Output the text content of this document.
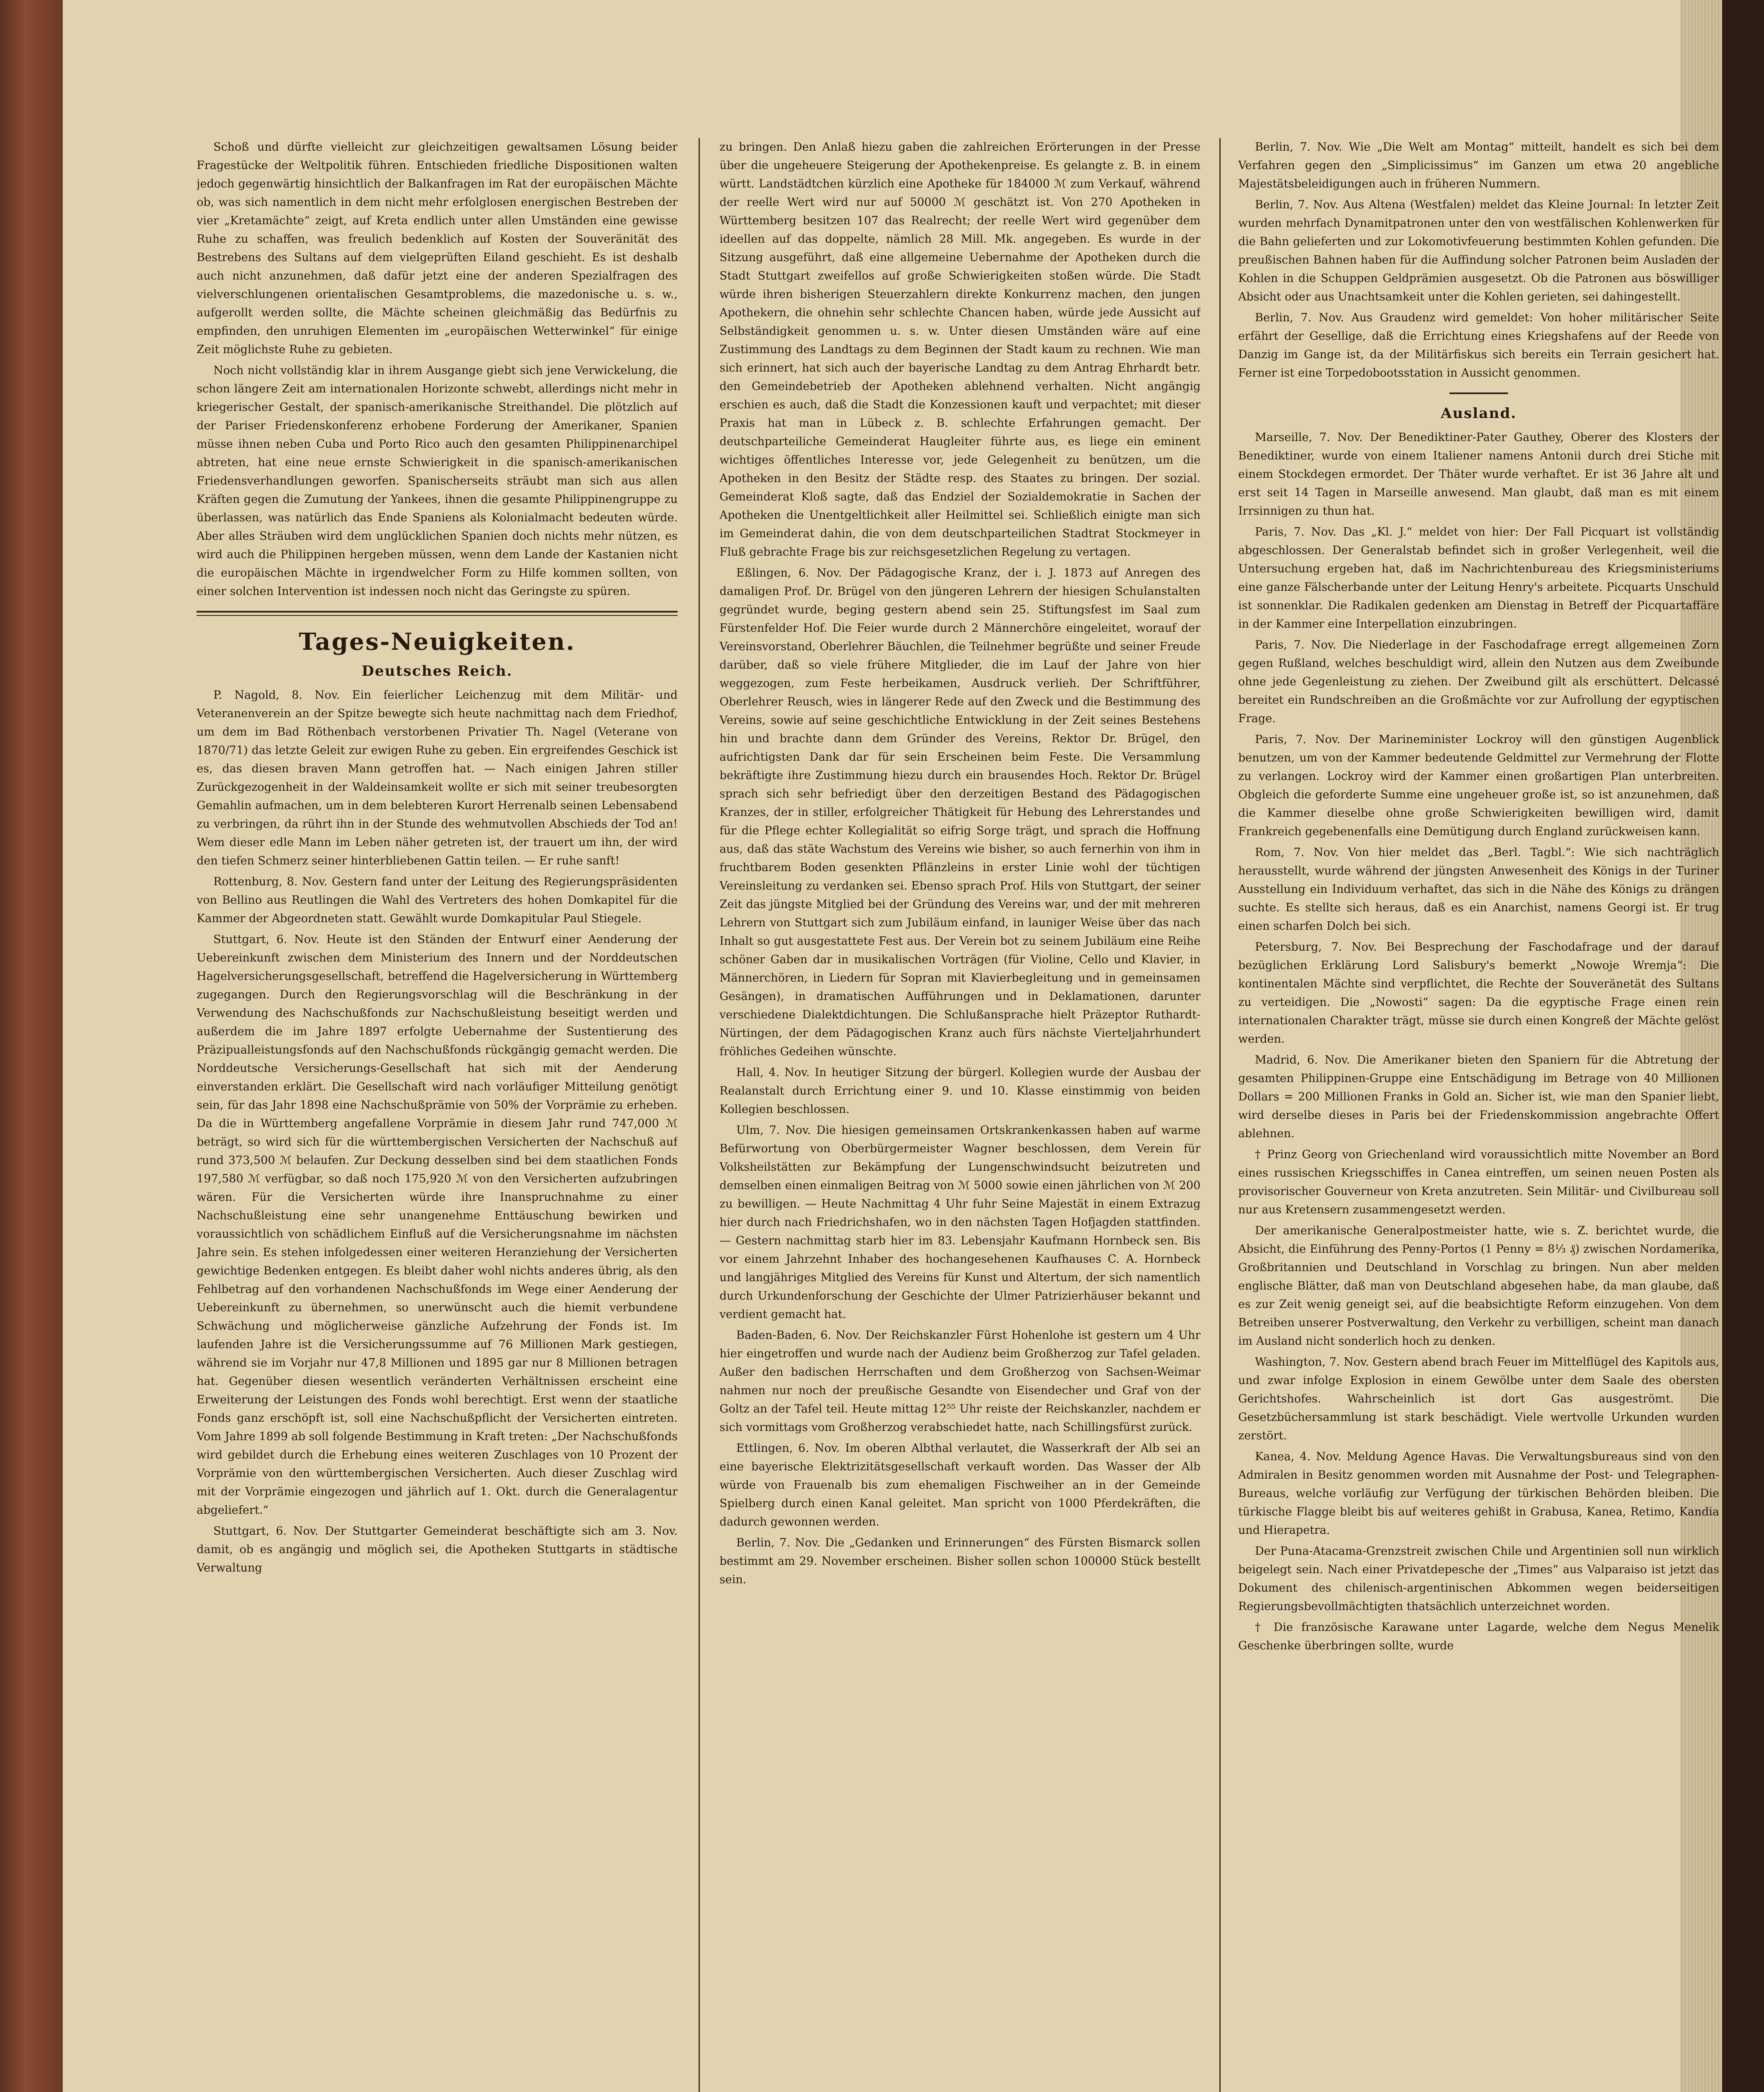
Schoß und dürfte vielleicht zur gleichzeitigen gewaltsamen Lösung beider Fragestücke der Weltpolitik führen. Entschieden friedliche Dispositionen walten jedoch gegenwärtig hinsichtlich der Balkanfragen im Rat der europäischen Mächte ob, was sich namentlich in dem nicht mehr erfolglosen energischen Bestreben der vier „Kretamächte“ zeigt, auf Kreta endlich unter allen Umständen eine gewisse Ruhe zu schaffen, was freulich bedenklich auf Kosten der Souveränität des Bestrebens des Sultans auf dem vielgeprüften Eiland geschieht. Es ist deshalb auch nicht anzunehmen, daß dafür jetzt eine der anderen Spezialfragen des vielverschlungenen orientalischen Gesamtproblems, die mazedonische u. s. w., aufgerollt werden sollte, die Mächte scheinen gleichmäßig das Bedürfnis zu empfinden, den unruhigen Elementen im „europäischen Wetterwinkel“ für einige Zeit möglichste Ruhe zu gebieten.

Noch nicht vollständig klar in ihrem Ausgange giebt sich jene Verwickelung, die schon längere Zeit am internationalen Horizonte schwebt, allerdings nicht mehr in kriegerischer Gestalt, der spanisch-amerikanische Streithandel. Die plötzlich auf der Pariser Friedenskonferenz erhobene Forderung der Amerikaner, Spanien müsse ihnen neben Cuba und Porto Rico auch den gesamten Philippinenarchipel abtreten, hat eine neue ernste Schwierigkeit in die spanisch-amerikanischen Friedensverhandlungen geworfen. Spanischerseits sträubt man sich aus allen Kräften gegen die Zumutung der Yankees, ihnen die gesamte Philippinengruppe zu überlassen, was natürlich das Ende Spaniens als Kolonialmacht bedeuten würde. Aber alles Sträuben wird dem unglücklichen Spanien doch nichts mehr nützen, es wird auch die Philippinen hergeben müssen, wenn dem Lande der Kastanien nicht die europäischen Mächte in irgendwelcher Form zu Hilfe kommen sollten, von einer solchen Intervention ist indessen noch nicht das Geringste zu spüren.

Tages-Neuigkeiten.
Deutsches Reich.

P. Nagold, 8. Nov. Ein feierlicher Leichenzug mit dem Militär- und Veteranenverein an der Spitze bewegte sich heute nachmittag nach dem Friedhof, um dem im Bad Röthenbach verstorbenen Privatier Th. Nagel (Veterane von 1870/71) das letzte Geleit zur ewigen Ruhe zu geben. Ein ergreifendes Geschick ist es, das diesen braven Mann getroffen hat. — Nach einigen Jahren stiller Zurückgezogenheit in der Waldeinsamkeit wollte er sich mit seiner treubesorgten Gemahlin aufmachen, um in dem belebteren Kurort Herrenalb seinen Lebensabend zu verbringen, da rührt ihn in der Stunde des wehmutvollen Abschieds der Tod an! Wem dieser edle Mann im Leben näher getreten ist, der trauert um ihn, der wird den tiefen Schmerz seiner hinterbliebenen Gattin teilen. — Er ruhe sanft!

Rottenburg, 8. Nov. Gestern fand unter der Leitung des Regierungspräsidenten von Bellino aus Reutlingen die Wahl des Vertreters des hohen Domkapitel für die Kammer der Abgeordneten statt. Gewählt wurde Domkapitular Paul Stiegele.

Stuttgart, 6. Nov. Heute ist den Ständen der Entwurf einer Aenderung der Uebereinkunft zwischen dem Ministerium des Innern und der Norddeutschen Hagelversicherungsgesellschaft, betreffend die Hagelversicherung in Württemberg zugegangen. Durch den Regierungsvorschlag will die Beschränkung in der Verwendung des Nachschußfonds zur Nachschußleistung beseitigt werden und außerdem die im Jahre 1897 erfolgte Uebernahme der Sustentierung des Präzipualleistungsfonds auf den Nachschußfonds rückgängig gemacht werden. Die Norddeutsche Versicherungs-Gesellschaft hat sich mit der Aenderung einverstanden erklärt. Die Gesellschaft wird nach vorläufiger Mitteilung genötigt sein, für das Jahr 1898 eine Nachschußprämie von 50% der Vorprämie zu erheben. Da die in Württemberg angefallene Vorprämie in diesem Jahr rund 747,000 ℳ beträgt, so wird sich für die württembergischen Versicherten der Nachschuß auf rund 373,500 ℳ belaufen. Zur Deckung desselben sind bei dem staatlichen Fonds 197,580 ℳ verfügbar, so daß noch 175,920 ℳ von den Versicherten aufzubringen wären. Für die Versicherten würde ihre Inanspruchnahme zu einer Nachschußleistung eine sehr unangenehme Enttäuschung bewirken und voraussichtlich von schädlichem Einfluß auf die Versicherungsnahme im nächsten Jahre sein. Es stehen infolgedessen einer weiteren Heranziehung der Versicherten gewichtige Bedenken entgegen. Es bleibt daher wohl nichts anderes übrig, als den Fehlbetrag auf den vorhandenen Nachschußfonds im Wege einer Aenderung der Uebereinkunft zu übernehmen, so unerwünscht auch die hiemit verbundene Schwächung und möglicherweise gänzliche Aufzehrung der Fonds ist. Im laufenden Jahre ist die Versicherungssumme auf 76 Millionen Mark gestiegen, während sie im Vorjahr nur 47,8 Millionen und 1895 gar nur 8 Millionen betragen hat. Gegenüber diesen wesentlich veränderten Verhältnissen erscheint eine Erweiterung der Leistungen des Fonds wohl berechtigt. Erst wenn der staatliche Fonds ganz erschöpft ist, soll eine Nachschußpflicht der Versicherten eintreten. Vom Jahre 1899 ab soll folgende Bestimmung in Kraft treten: „Der Nachschußfonds wird gebildet durch die Erhebung eines weiteren Zuschlages von 10 Prozent der Vorprämie von den württembergischen Versicherten. Auch dieser Zuschlag wird mit der Vorprämie eingezogen und jährlich auf 1. Okt. durch die Generalagentur abgeliefert.“

Stuttgart, 6. Nov. Der Stuttgarter Gemeinderat beschäftigte sich am 3. Nov. damit, ob es angängig und möglich sei, die Apotheken Stuttgarts in städtische Verwaltung

zu bringen. Den Anlaß hiezu gaben die zahlreichen Erörterungen in der Presse über die ungeheuere Steigerung der Apothekenpreise. Es gelangte z. B. in einem württ. Landstädtchen kürzlich eine Apotheke für 184000 ℳ zum Verkauf, während der reelle Wert wird nur auf 50000 ℳ geschätzt ist. Von 270 Apotheken in Württemberg besitzen 107 das Realrecht; der reelle Wert wird gegenüber dem ideellen auf das doppelte, nämlich 28 Mill. Mk. angegeben. Es wurde in der Sitzung ausgeführt, daß eine allgemeine Uebernahme der Apotheken durch die Stadt Stuttgart zweifellos auf große Schwierigkeiten stoßen würde. Die Stadt würde ihren bisherigen Steuerzahlern direkte Konkurrenz machen, den jungen Apothekern, die ohnehin sehr schlechte Chancen haben, würde jede Aussicht auf Selbständigkeit genommen u. s. w. Unter diesen Umständen wäre auf eine Zustimmung des Landtags zu dem Beginnen der Stadt kaum zu rechnen. Wie man sich erinnert, hat sich auch der bayerische Landtag zu dem Antrag Ehrhardt betr. den Gemeindebetrieb der Apotheken ablehnend verhalten. Nicht angängig erschien es auch, daß die Stadt die Konzessionen kauft und verpachtet; mit dieser Praxis hat man in Lübeck z. B. schlechte Erfahrungen gemacht. Der deutschparteiliche Gemeinderat Haugleiter führte aus, es liege ein eminent wichtiges öffentliches Interesse vor, jede Gelegenheit zu benützen, um die Apotheken in den Besitz der Städte resp. des Staates zu bringen. Der sozial. Gemeinderat Kloß sagte, daß das Endziel der Sozialdemokratie in Sachen der Apotheken die Unentgeltlichkeit aller Heilmittel sei. Schließlich einigte man sich im Gemeinderat dahin, die von dem deutschparteilichen Stadtrat Stockmeyer in Fluß gebrachte Frage bis zur reichsgesetzlichen Regelung zu vertagen.

Eßlingen, 6. Nov. Der Pädagogische Kranz, der i. J. 1873 auf Anregen des damaligen Prof. Dr. Brügel von den jüngeren Lehrern der hiesigen Schulanstalten gegründet wurde, beging gestern abend sein 25. Stiftungsfest im Saal zum Fürstenfelder Hof. Die Feier wurde durch 2 Männerchöre eingeleitet, worauf der Vereinsvorstand, Oberlehrer Bäuchlen, die Teilnehmer begrüßte und seiner Freude darüber, daß so viele frühere Mitglieder, die im Lauf der Jahre von hier weggezogen, zum Feste herbeikamen, Ausdruck verlieh. Der Schriftführer, Oberlehrer Reusch, wies in längerer Rede auf den Zweck und die Bestimmung des Vereins, sowie auf seine geschichtliche Entwicklung in der Zeit seines Bestehens hin und brachte dann dem Gründer des Vereins, Rektor Dr. Brügel, den aufrichtigsten Dank dar für sein Erscheinen beim Feste. Die Versammlung bekräftigte ihre Zustimmung hiezu durch ein brausendes Hoch. Rektor Dr. Brügel sprach sich sehr befriedigt über den derzeitigen Bestand des Pädagogischen Kranzes, der in stiller, erfolgreicher Thätigkeit für Hebung des Lehrerstandes und für die Pflege echter Kollegialität so eifrig Sorge trägt, und sprach die Hoffnung aus, daß das stäte Wachstum des Vereins wie bisher, so auch fernerhin von ihm in fruchtbarem Boden gesenkten Pflänzleins in erster Linie wohl der tüchtigen Vereinsleitung zu verdanken sei. Ebenso sprach Prof. Hils von Stuttgart, der seiner Zeit das jüngste Mitglied bei der Gründung des Vereins war, und der mit mehreren Lehrern von Stuttgart sich zum Jubiläum einfand, in launiger Weise über das nach Inhalt so gut ausgestattete Fest aus. Der Verein bot zu seinem Jubiläum eine Reihe schöner Gaben dar in musikalischen Vorträgen (für Violine, Cello und Klavier, in Männerchören, in Liedern für Sopran mit Klavierbegleitung und in gemeinsamen Gesängen), in dramatischen Aufführungen und in Deklamationen, darunter verschiedene Dialektdichtungen. Die Schlußansprache hielt Präzeptor Ruthardt-Nürtingen, der dem Pädagogischen Kranz auch fürs nächste Vierteljahrhundert fröhliches Gedeihen wünschte.

Hall, 4. Nov. In heutiger Sitzung der bürgerl. Kollegien wurde der Ausbau der Realanstalt durch Errichtung einer 9. und 10. Klasse einstimmig von beiden Kollegien beschlossen.

Ulm, 7. Nov. Die hiesigen gemeinsamen Ortskrankenkassen haben auf warme Befürwortung von Oberbürgermeister Wagner beschlossen, dem Verein für Volksheilstätten zur Bekämpfung der Lungenschwindsucht beizutreten und demselben einen einmaligen Beitrag von ℳ 5000 sowie einen jährlichen von ℳ 200 zu bewilligen. — Heute Nachmittag 4 Uhr fuhr Seine Majestät in einem Extrazug hier durch nach Friedrichshafen, wo in den nächsten Tagen Hofjagden stattfinden. — Gestern nachmittag starb hier im 83. Lebensjahr Kaufmann Hornbeck sen. Bis vor einem Jahrzehnt Inhaber des hochangesehenen Kaufhauses C. A. Hornbeck und langjähriges Mitglied des Vereins für Kunst und Altertum, der sich namentlich durch Urkundenforschung der Geschichte der Ulmer Patrizierhäuser bekannt und verdient gemacht hat.

Baden-Baden, 6. Nov. Der Reichskanzler Fürst Hohenlohe ist gestern um 4 Uhr hier eingetroffen und wurde nach der Audienz beim Großherzog zur Tafel geladen. Außer den badischen Herrschaften und dem Großherzog von Sachsen-Weimar nahmen nur noch der preußische Gesandte von Eisendecher und Graf von der Goltz an der Tafel teil. Heute mittag 12⁵⁵ Uhr reiste der Reichskanzler, nachdem er sich vormittags vom Großherzog verabschiedet hatte, nach Schillingsfürst zurück.

Ettlingen, 6. Nov. Im oberen Albthal verlautet, die Wasserkraft der Alb sei an eine bayerische Elektrizitätsgesellschaft verkauft worden. Das Wasser der Alb würde von Frauenalb bis zum ehemaligen Fischweiher an in der Gemeinde Spielberg durch einen Kanal geleitet. Man spricht von 1000 Pferdekräften, die dadurch gewonnen werden.

Berlin, 7. Nov. Die „Gedanken und Erinnerungen“ des Fürsten Bismarck sollen bestimmt am 29. November erscheinen. Bisher sollen schon 100000 Stück bestellt sein.

Berlin, 7. Nov. Wie „Die Welt am Montag“ mitteilt, handelt es sich bei dem Verfahren gegen den „Simplicissimus“ im Ganzen um etwa 20 angebliche Majestätsbeleidigungen auch in früheren Nummern.

Berlin, 7. Nov. Aus Altena (Westfalen) meldet das Kleine Journal: In letzter Zeit wurden mehrfach Dynamitpatronen unter den von westfälischen Kohlenwerken für die Bahn gelieferten und zur Lokomotivfeuerung bestimmten Kohlen gefunden. Die preußischen Bahnen haben für die Auffindung solcher Patronen beim Ausladen der Kohlen in die Schuppen Geldprämien ausgesetzt. Ob die Patronen aus böswilliger Absicht oder aus Unachtsamkeit unter die Kohlen gerieten, sei dahingestellt.

Berlin, 7. Nov. Aus Graudenz wird gemeldet: Von hoher militärischer Seite erfährt der Gesellige, daß die Errichtung eines Kriegshafens auf der Reede von Danzig im Gange ist, da der Militärfiskus sich bereits ein Terrain gesichert hat. Ferner ist eine Torpedobootsstation in Aussicht genommen.

Ausland.

Marseille, 7. Nov. Der Benediktiner-Pater Gauthey, Oberer des Klosters der Benediktiner, wurde von einem Italiener namens Antonii durch drei Stiche mit einem Stockdegen ermordet. Der Thäter wurde verhaftet. Er ist 36 Jahre alt und erst seit 14 Tagen in Marseille anwesend. Man glaubt, daß man es mit einem Irrsinnigen zu thun hat.

Paris, 7. Nov. Das „Kl. J.“ meldet von hier: Der Fall Picquart ist vollständig abgeschlossen. Der Generalstab befindet sich in großer Verlegenheit, weil die Untersuchung ergeben hat, daß im Nachrichtenbureau des Kriegsministeriums eine ganze Fälscherbande unter der Leitung Henry's arbeitete. Picquarts Unschuld ist sonnenklar. Die Radikalen gedenken am Dienstag in Betreff der Picquartaffäre in der Kammer eine Interpellation einzubringen.

Paris, 7. Nov. Die Niederlage in der Faschodafrage erregt allgemeinen Zorn gegen Rußland, welches beschuldigt wird, allein den Nutzen aus dem Zweibunde ohne jede Gegenleistung zu ziehen. Der Zweibund gilt als erschüttert. Delcassé bereitet ein Rundschreiben an die Großmächte vor zur Aufrollung der egyptischen Frage.

Paris, 7. Nov. Der Marineminister Lockroy will den günstigen Augenblick benutzen, um von der Kammer bedeutende Geldmittel zur Vermehrung der Flotte zu verlangen. Lockroy wird der Kammer einen großartigen Plan unterbreiten. Obgleich die geforderte Summe eine ungeheuer große ist, so ist anzunehmen, daß die Kammer dieselbe ohne große Schwierigkeiten bewilligen wird, damit Frankreich gegebenenfalls eine Demütigung durch England zurückweisen kann.

Rom, 7. Nov. Von hier meldet das „Berl. Tagbl.“: Wie sich nachträglich herausstellt, wurde während der jüngsten Anwesenheit des Königs in der Turiner Ausstellung ein Individuum verhaftet, das sich in die Nähe des Königs zu drängen suchte. Es stellte sich heraus, daß es ein Anarchist, namens Georgi ist. Er trug einen scharfen Dolch bei sich.

Petersburg, 7. Nov. Bei Besprechung der Faschodafrage und der darauf bezüglichen Erklärung Lord Salisbury's bemerkt „Nowoje Wremja“: Die kontinentalen Mächte sind verpflichtet, die Rechte der Souveränetät des Sultans zu verteidigen. Die „Nowosti“ sagen: Da die egyptische Frage einen rein internationalen Charakter trägt, müsse sie durch einen Kongreß der Mächte gelöst werden.

Madrid, 6. Nov. Die Amerikaner bieten den Spaniern für die Abtretung der gesamten Philippinen-Gruppe eine Entschädigung im Betrage von 40 Millionen Dollars = 200 Millionen Franks in Gold an. Sicher ist, wie man den Spanier liebt, wird derselbe dieses in Paris bei der Friedenskommission angebrachte Offert ablehnen.

† Prinz Georg von Griechenland wird voraussichtlich mitte November an Bord eines russischen Kriegsschiffes in Canea eintreffen, um seinen neuen Posten als provisorischer Gouverneur von Kreta anzutreten. Sein Militär- und Civilbureau soll nur aus Kretensern zusammengesetzt werden.

Der amerikanische Generalpostmeister hatte, wie s. Z. berichtet wurde, die Absicht, die Einführung des Penny-Portos (1 Penny = 8⅓ ₰) zwischen Nordamerika, Großbritannien und Deutschland in Vorschlag zu bringen. Nun aber melden englische Blätter, daß man von Deutschland abgesehen habe, da man glaube, daß es zur Zeit wenig geneigt sei, auf die beabsichtigte Reform einzugehen. Von dem Betreiben unserer Postverwaltung, den Verkehr zu verbilligen, scheint man danach im Ausland nicht sonderlich hoch zu denken.

Washington, 7. Nov. Gestern abend brach Feuer im Mittelflügel des Kapitols aus, und zwar infolge Explosion in einem Gewölbe unter dem Saale des obersten Gerichtshofes. Wahrscheinlich ist dort Gas ausgeströmt. Die Gesetzbüchersammlung ist stark beschädigt. Viele wertvolle Urkunden wurden zerstört.

Kanea, 4. Nov. Meldung Agence Havas. Die Verwaltungsbureaus sind von den Admiralen in Besitz genommen worden mit Ausnahme der Post- und Telegraphen-Bureaus, welche vorläufig zur Verfügung der türkischen Behörden bleiben. Die türkische Flagge bleibt bis auf weiteres gehißt in Grabusa, Kanea, Retimo, Kandia und Hierapetra.

Der Puna-Atacama-Grenzstreit zwischen Chile und Argentinien soll nun wirklich beigelegt sein. Nach einer Privatdepesche der „Times“ aus Valparaiso ist jetzt das Dokument des chilenisch-argentinischen Abkommen wegen beiderseitigen Regierungsbevollmächtigten thatsächlich unterzeichnet worden.

† Die französische Karawane unter Lagarde, welche dem Negus Menelik Geschenke überbringen sollte, wurde
